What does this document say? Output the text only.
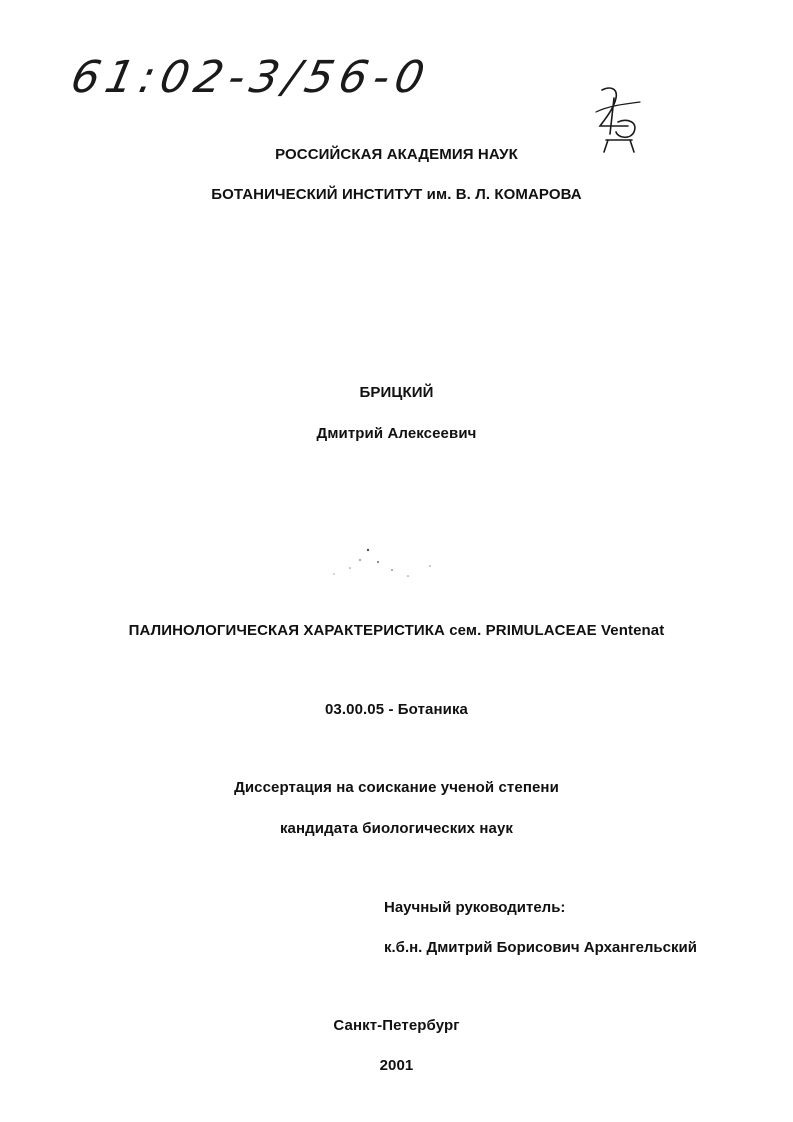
61:02-3/56-0
РОССИЙСКАЯ АКАДЕМИЯ НАУК
БОТАНИЧЕСКИЙ ИНСТИТУТ им. В. Л. КОМАРОВА
БРИЦКИЙ
Дмитрий Алексеевич
ПАЛИНОЛОГИЧЕСКАЯ ХАРАКТЕРИСТИКА сем. PRIMULACEAE Ventenat
03.00.05 - Ботаника
Диссертация на соискание ученой степени
кандидата биологических наук
Научный руководитель:
к.б.н. Дмитрий Борисович Архангельский
Санкт-Петербург
2001
